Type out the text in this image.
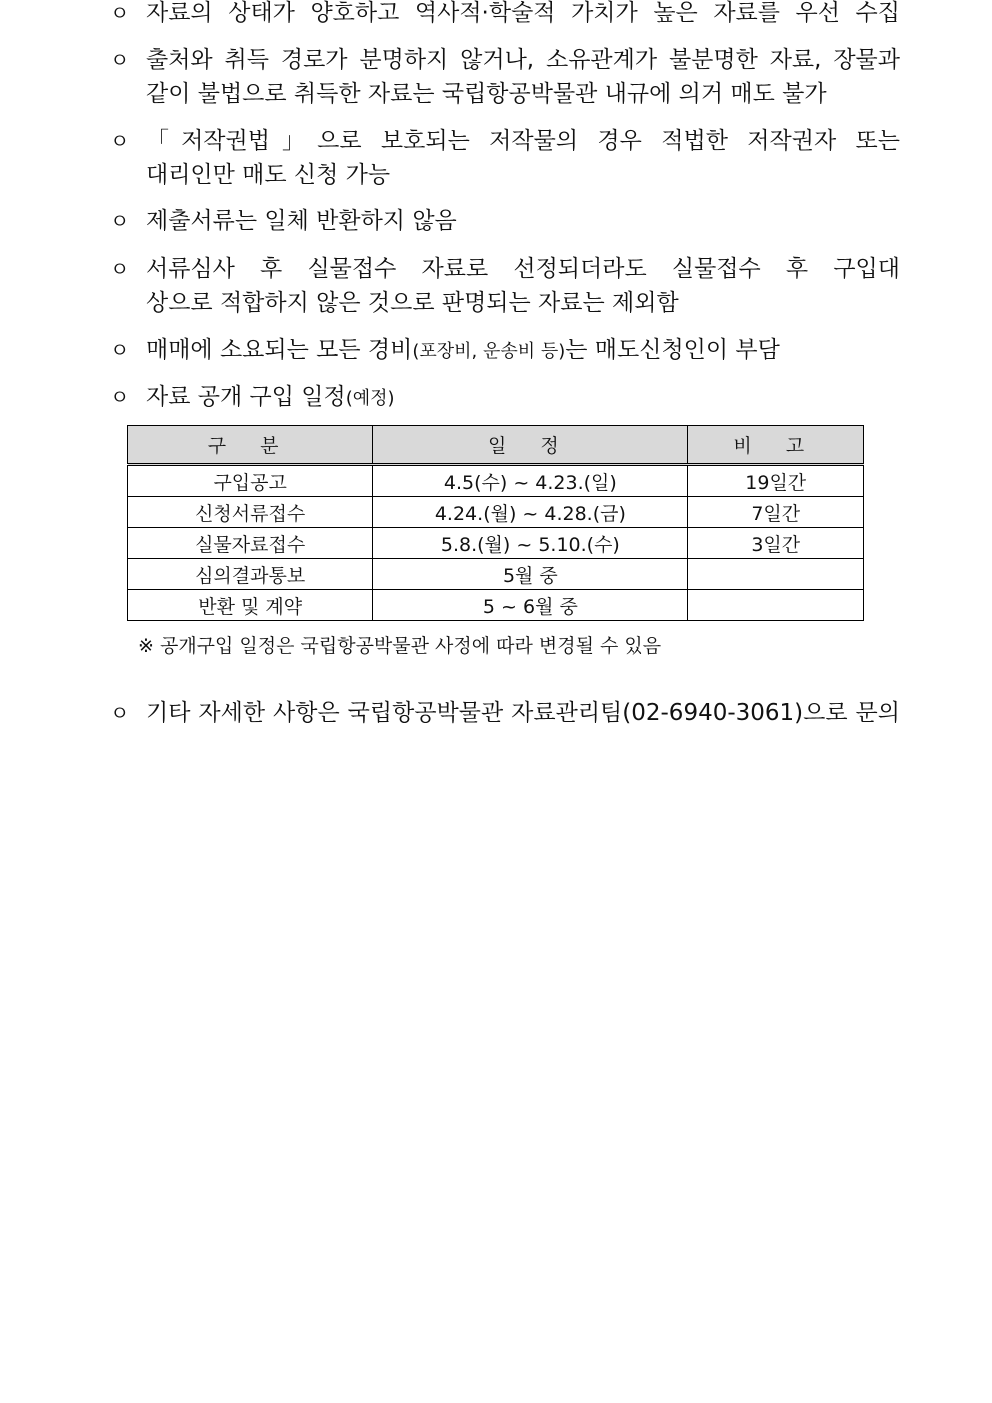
ㅇ 자료의 상태가 양호하고 역사적·학술적 가치가 높은 자료를 우선 수집
ㅇ 출처와 취득 경로가 분명하지 않거나, 소유관계가 불분명한 자료, 장물과
같이 불법으로 취득한 자료는 국립항공박물관 내규에 의거 매도 불가
ㅇ 「저작권법」으로 보호되는 저작물의 경우 적법한 저작권자 또는
대리인만 매도 신청 가능
ㅇ 제출서류는 일체 반환하지 않음
ㅇ 서류심사 후 실물접수 자료로 선정되더라도 실물접수 후 구입대
상으로 적합하지 않은 것으로 판명되는 자료는 제외함
ㅇ 매매에 소요되는 모든 경비(포장비, 운송비 등)는 매도신청인이 부담
ㅇ 자료 공개 구입 일정(예정)
구 분	일 정	비 고
구입공고	4.5(수) ~ 4.23.(일)	19일간
신청서류접수	4.24.(월) ~ 4.28.(금)	7일간
실물자료접수	5.8.(월) ~ 5.10.(수)	3일간
심의결과통보	5월 중	
반환 및 계약	5 ~ 6월 중	
※ 공개구입 일정은 국립항공박물관 사정에 따라 변경될 수 있음
ㅇ 기타 자세한 사항은 국립항공박물관 자료관리팀(02-6940-3061)으로 문의
